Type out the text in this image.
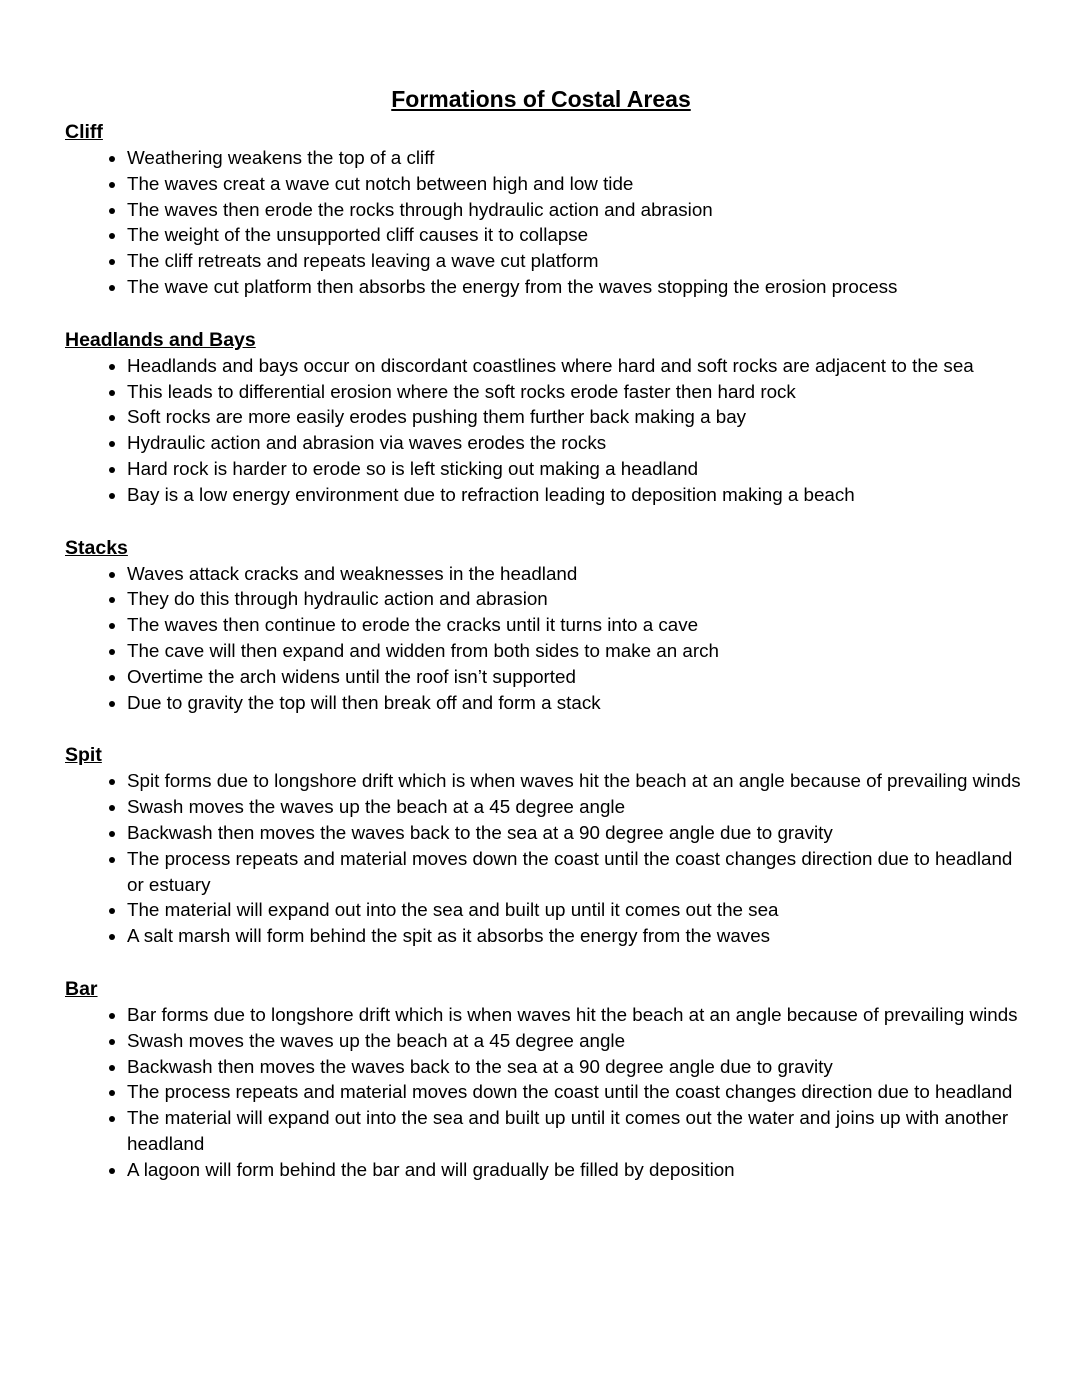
Formations of Costal Areas
Cliff
• Weathering weakens the top of a cliff
• The waves creat a wave cut notch between high and low tide
• The waves then erode the rocks through hydraulic action and abrasion
• The weight of the unsupported cliff causes it to collapse
• The cliff retreats and repeats leaving a wave cut platform
• The wave cut platform then absorbs the energy from the waves stopping the erosion process
Headlands and Bays
• Headlands and bays occur on discordant coastlines where hard and soft rocks are adjacent to the sea
• This leads to differential erosion where the soft rocks erode faster then hard rock
• Soft rocks are more easily erodes pushing them further back making a bay
• Hydraulic action and abrasion via waves erodes the rocks
• Hard rock is harder to erode so is left sticking out making a headland
• Bay is a low energy environment due to refraction leading to deposition making a beach
Stacks
• Waves attack cracks and weaknesses in the headland
• They do this through hydraulic action and abrasion
• The waves then continue to erode the cracks until it turns into a cave
• The cave will then expand and widden from both sides to make an arch
• Overtime the arch widens until the roof isn’t supported
• Due to gravity the top will then break off and form a stack
Spit
• Spit forms due to longshore drift which is when waves hit the beach at an angle because of prevailing winds
• Swash moves the waves up the beach at a 45 degree angle
• Backwash then moves the waves back to the sea at a 90 degree angle due to gravity
• The process repeats and material moves down the coast until the coast changes direction due to headland or estuary
• The material will expand out into the sea and built up until it comes out the sea
• A salt marsh will form behind the spit as it absorbs the energy from the waves
Bar
• Bar forms due to longshore drift which is when waves hit the beach at an angle because of prevailing winds
• Swash moves the waves up the beach at a 45 degree angle
• Backwash then moves the waves back to the sea at a 90 degree angle due to gravity
• The process repeats and material moves down the coast until the coast changes direction due to headland
• The material will expand out into the sea and built up until it comes out the water and joins up with another headland
• A lagoon will form behind the bar and will gradually be filled by deposition
